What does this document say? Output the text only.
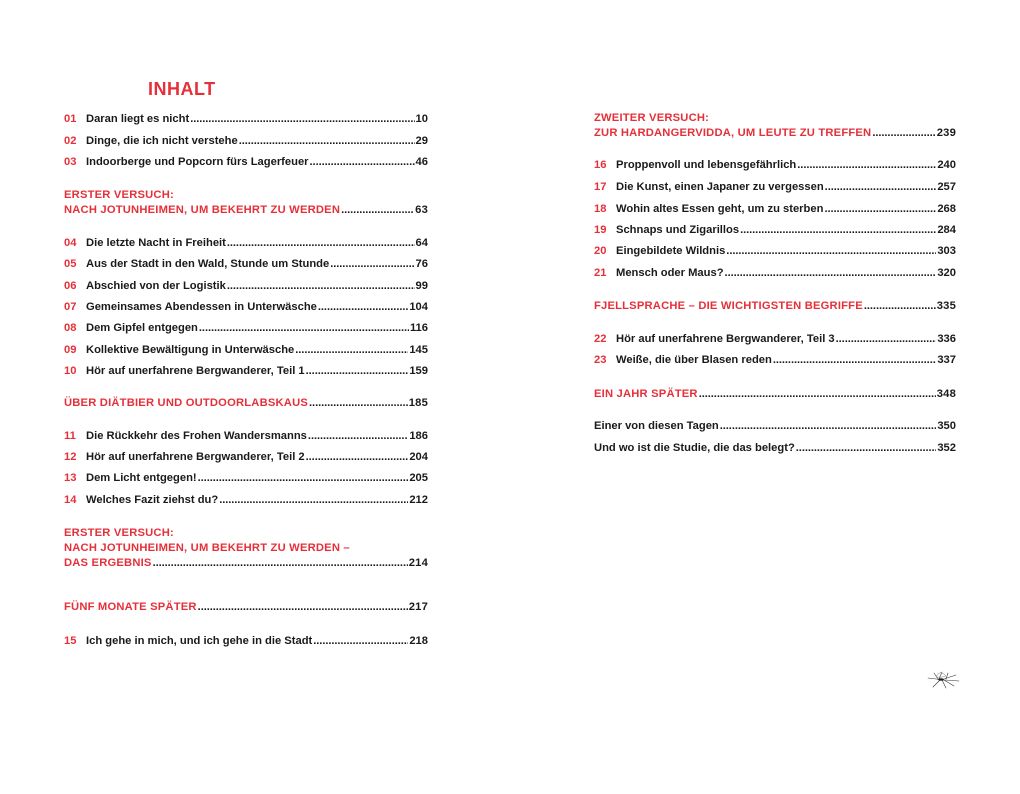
INHALT
01 Daran liegt es nicht . . .	10
02 Dinge, die ich nicht verstehe . . .	29
03 Indoorberge und Popcorn fürs Lagerfeuer . . .	46
ERSTER VERSUCH:
NACH JOTUNHEIMEN, UM BEKEHRT ZU WERDEN . . .	63
04 Die letzte Nacht in Freiheit . . .	64
05 Aus der Stadt in den Wald, Stunde um Stunde . . .	76
06 Abschied von der Logistik . . .	99
07 Gemeinsames Abendessen in Unterwäsche . . .	104
08 Dem Gipfel entgegen . . .	116
09 Kollektive Bewältigung in Unterwäsche . . .	145
10 Hör auf unerfahrene Bergwanderer, Teil 1 . . .	159
ÜBER DIÄTBIER UND OUTDOORLABSKAUS . . .	185
11 Die Rückkehr des Frohen Wandersmanns . . .	186
12 Hör auf unerfahrene Bergwanderer, Teil 2 . . .	204
13 Dem Licht entgegen! . . .	205
14 Welches Fazit ziehst du? . . .	212
ERSTER VERSUCH:
NACH JOTUNHEIMEN, UM BEKEHRT ZU WERDEN –
DAS ERGEBNIS . . .	214
FÜNF MONATE SPÄTER . . .	217
15 Ich gehe in mich, und ich gehe in die Stadt . . .	218
ZWEITER VERSUCH:
ZUR HARDANGERVIDDA, UM LEUTE ZU TREFFEN . . .	239
16 Proppenvoll und lebensgefährlich . . .	240
17 Die Kunst, einen Japaner zu vergessen . . .	257
18 Wohin altes Essen geht, um zu sterben . . .	268
19 Schnaps und Zigarillos . . .	284
20 Eingebildete Wildnis . . .	303
21 Mensch oder Maus? . . .	320
FJELLSPRACHE – DIE WICHTIGSTEN BEGRIFFE . . .	335
22 Hör auf unerfahrene Bergwanderer, Teil 3 . . .	336
23 Weiße, die über Blasen reden . . .	337
EIN JAHR SPÄTER . . .	348
Einer von diesen Tagen . . .	350
Und wo ist die Studie, die das belegt? . . .	352
